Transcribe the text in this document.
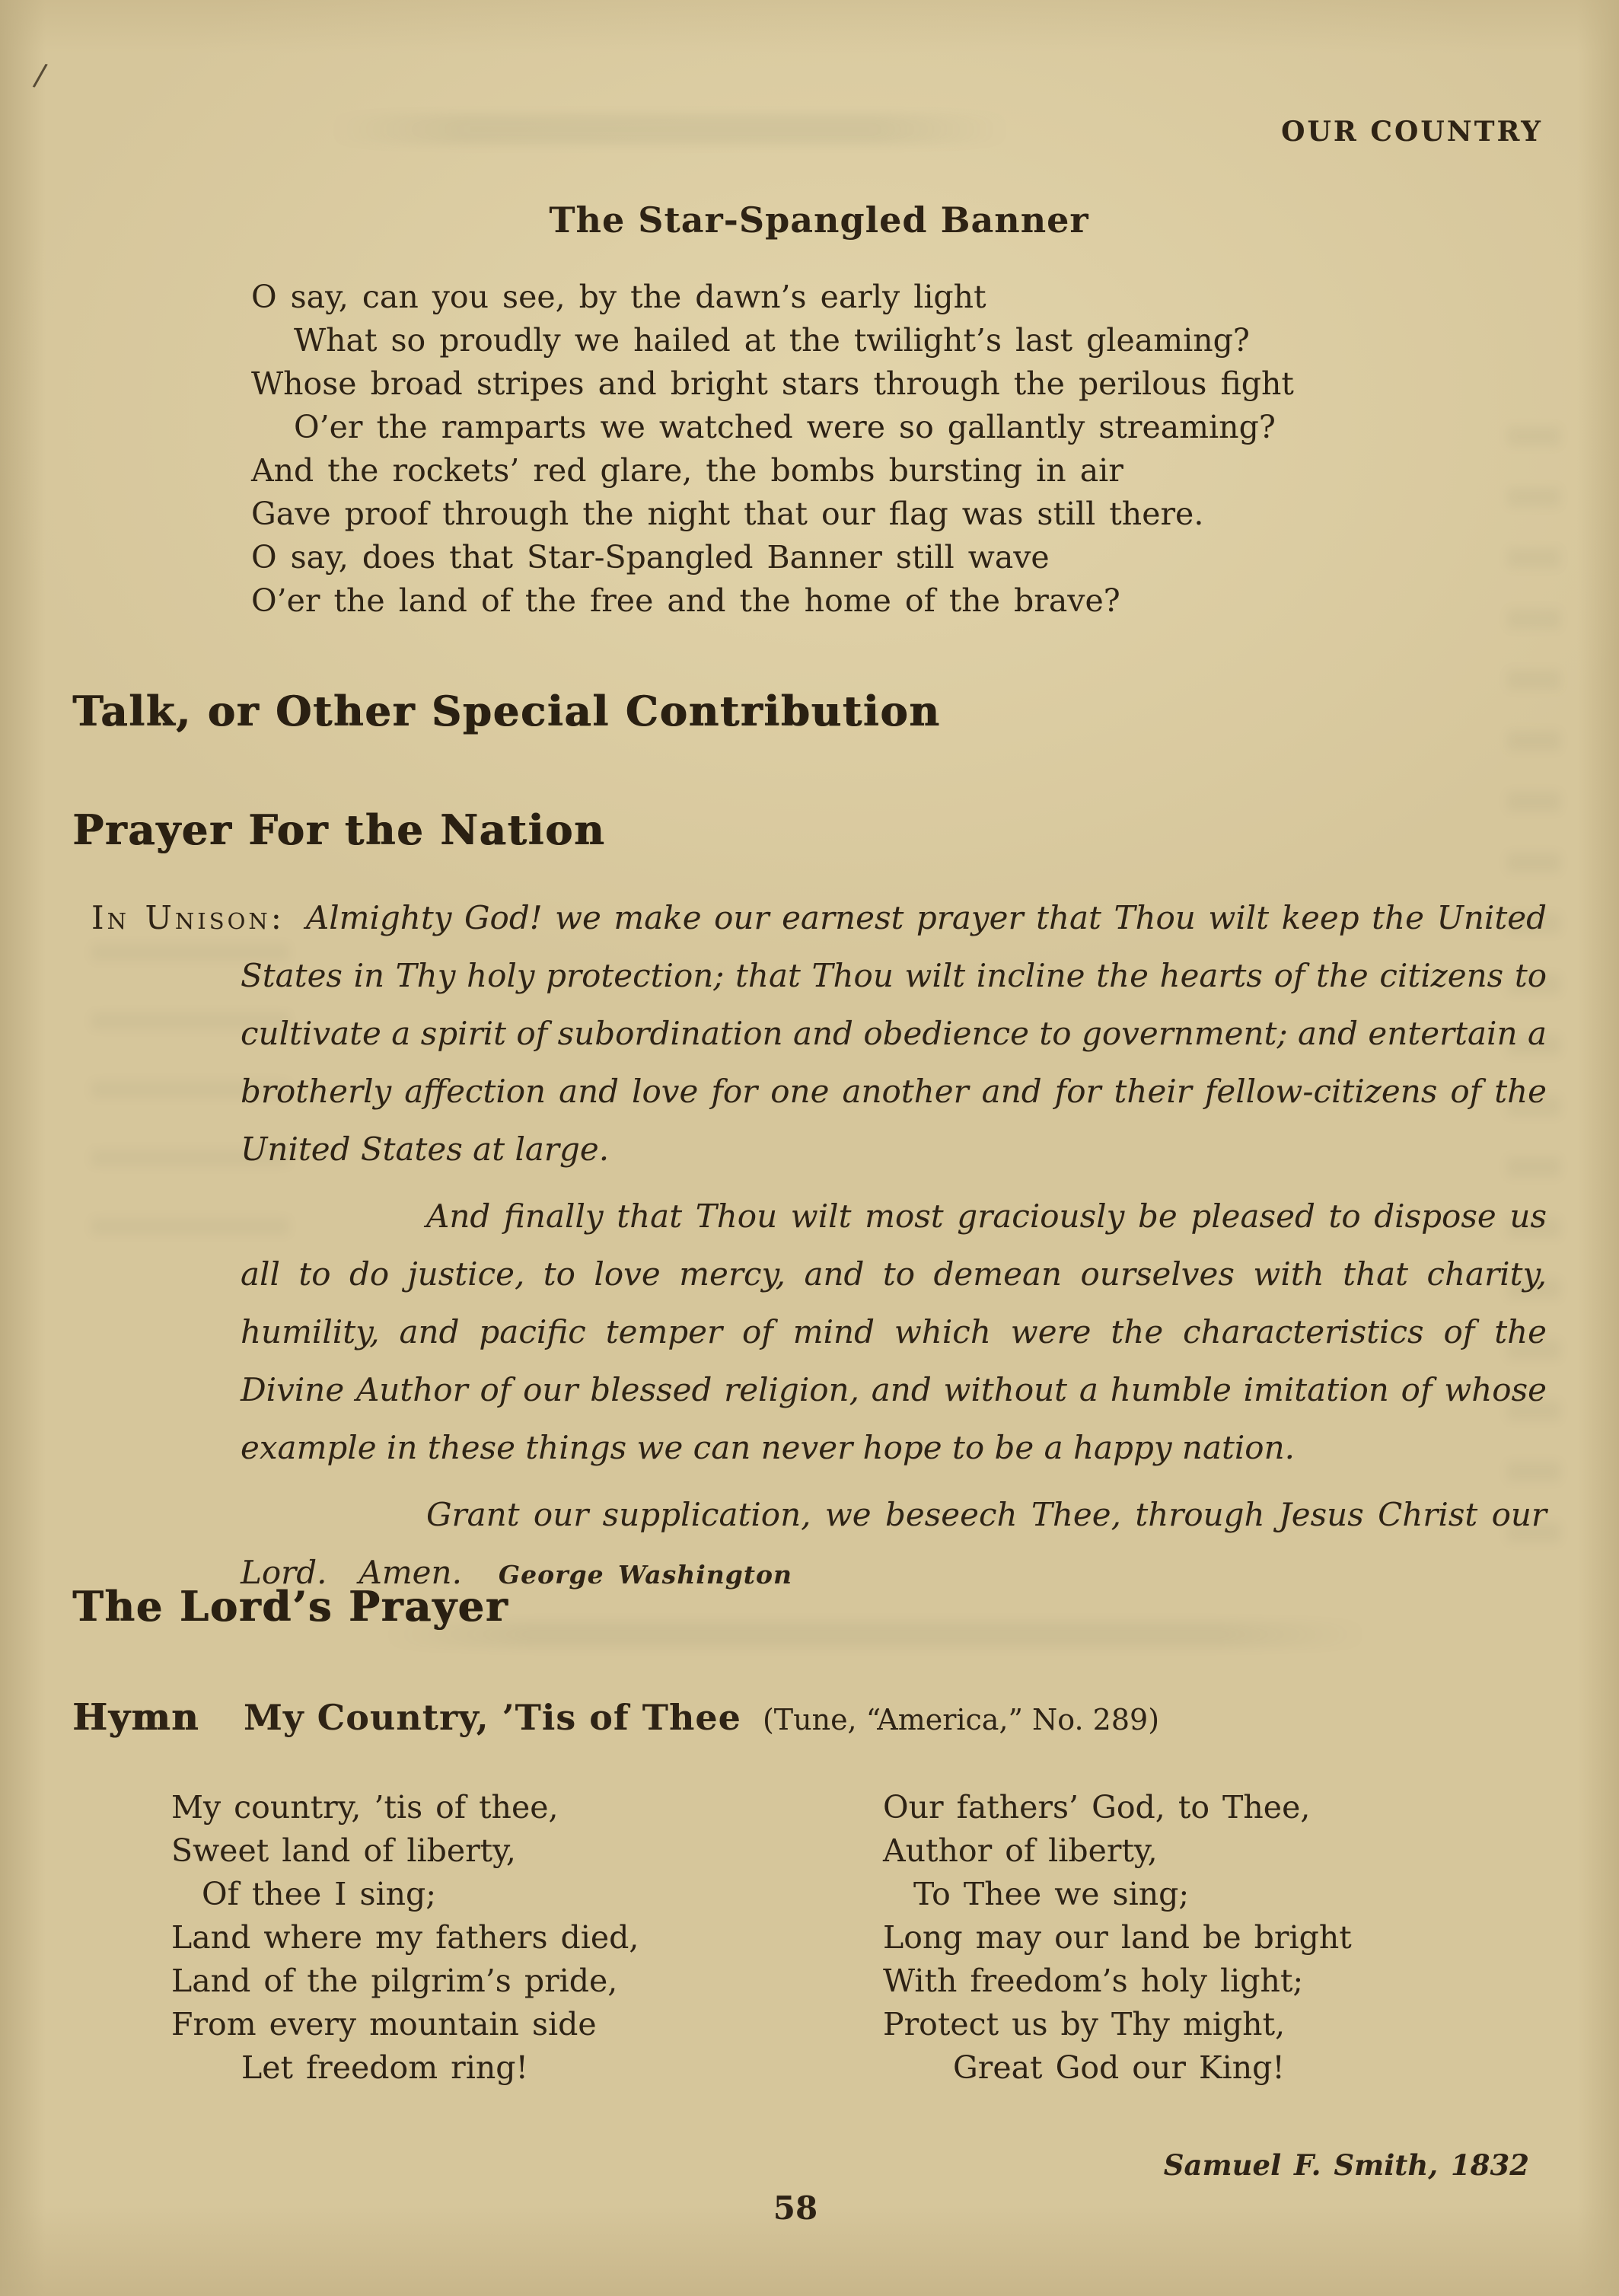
/
OUR COUNTRY
The Star-Spangled Banner
O say, can you see, by the dawn’s early light
What so proudly we hailed at the twilight’s last gleaming?
Whose broad stripes and bright stars through the perilous fight
O’er the ramparts we watched were so gallantly streaming?
And the rockets’ red glare, the bombs bursting in air
Gave proof through the night that our flag was still there.
O say, does that Star-Spangled Banner still wave
O’er the land of the free and the home of the brave?
Talk, or Other Special Contribution
Prayer For the Nation

In Unison: Almighty God! we make our earnest prayer that Thou wilt keep the United States in Thy holy protection; that Thou wilt incline the hearts of the citizens to cultivate a spirit of subordination and obedience to government; and entertain a brotherly affection and love for one another and for their fellow-citizens of the United States at large.

And finally that Thou wilt most graciously be pleased to dispose us all to do justice, to love mercy, and to demean ourselves with that charity, humility, and pacific temper of mind which were the characteristics of the Divine Author of our blessed religion, and without a humble imitation of whose example in these things we can never hope to be a happy nation.

Grant our supplication, we beseech Thee, through Jesus Christ our Lord. Amen. George Washington

The Lord’s Prayer
Hymn My Country, ’Tis of Thee (Tune, “America,” No. 289)
My country, ’tis of thee,
Sweet land of liberty,
Of thee I sing;
Land where my fathers died,
Land of the pilgrim’s pride,
From every mountain side
Let freedom ring!
Our fathers’ God, to Thee,
Author of liberty,
To Thee we sing;
Long may our land be bright
With freedom’s holy light;
Protect us by Thy might,
Great God our King!
Samuel F. Smith, 1832
58
